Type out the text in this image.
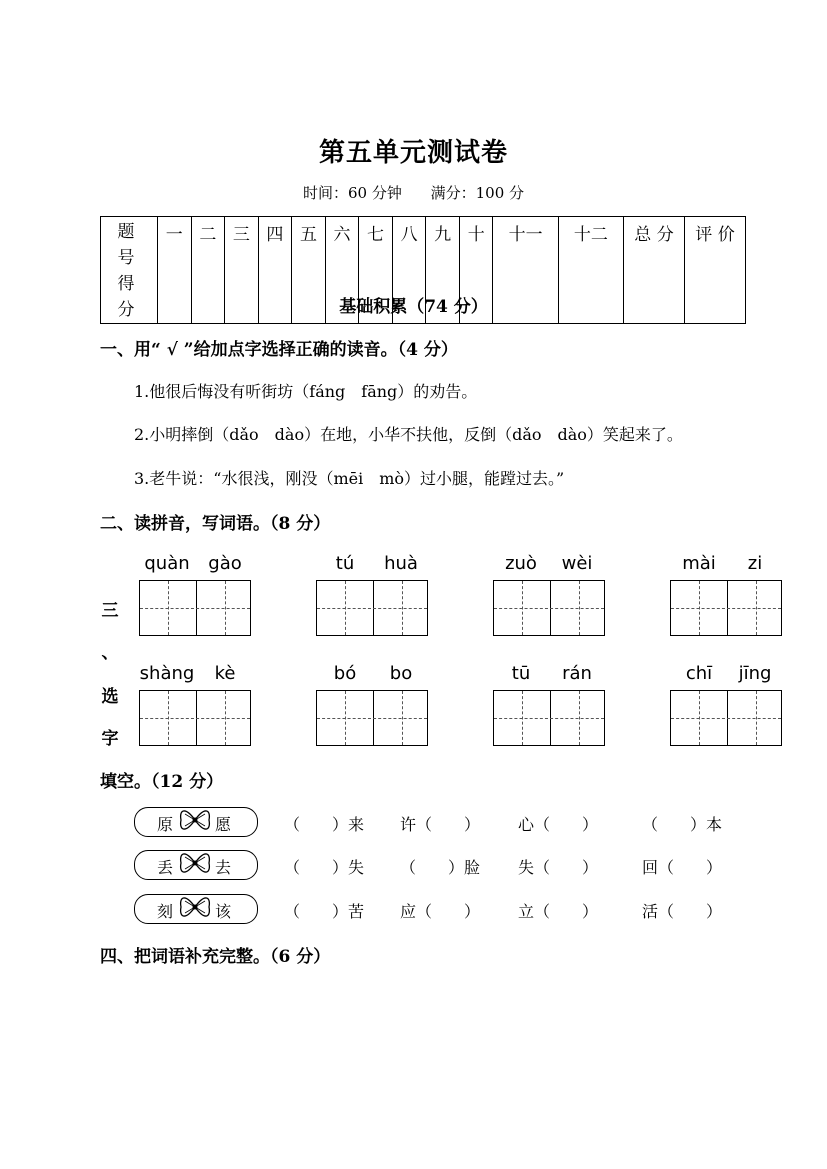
第五单元测试卷
时间：60 分钟 满分：100 分
题 号
得 分
	一	二	三	四	五	六	七	八	九	十	十一	十二	总 分	评 价

基础积累（74 分）
一、用“ √ ”给加点字选择正确的读音。（4 分）
1.他很后悔没有听街坊（fáng　fāng）的劝告。
2.小明摔倒（dǎo　dào）在地，小华不扶他，反倒（dǎo　dào）笑起来了。
3.老牛说：“水很浅，刚没（mēi　mò）过小腿，能蹚过去。”
二、读拼音，写词语。（8 分）
quàn	gào	tú	huà	zuò	wèi	mài	zi
shàng	kè	bó	bo	tū	rán	chī	jīng
三
、
选
字
填空。（12 分）
原	愿	（　　）来 许（　　） 心（　　）	（　　）本
丢	去	（　　）失 （　　）脸 失（　　）	回（　　）
刻	该	（　　）苦 应（　　） 立（　　）	活（　　）
四、把词语补充完整。（6 分）
